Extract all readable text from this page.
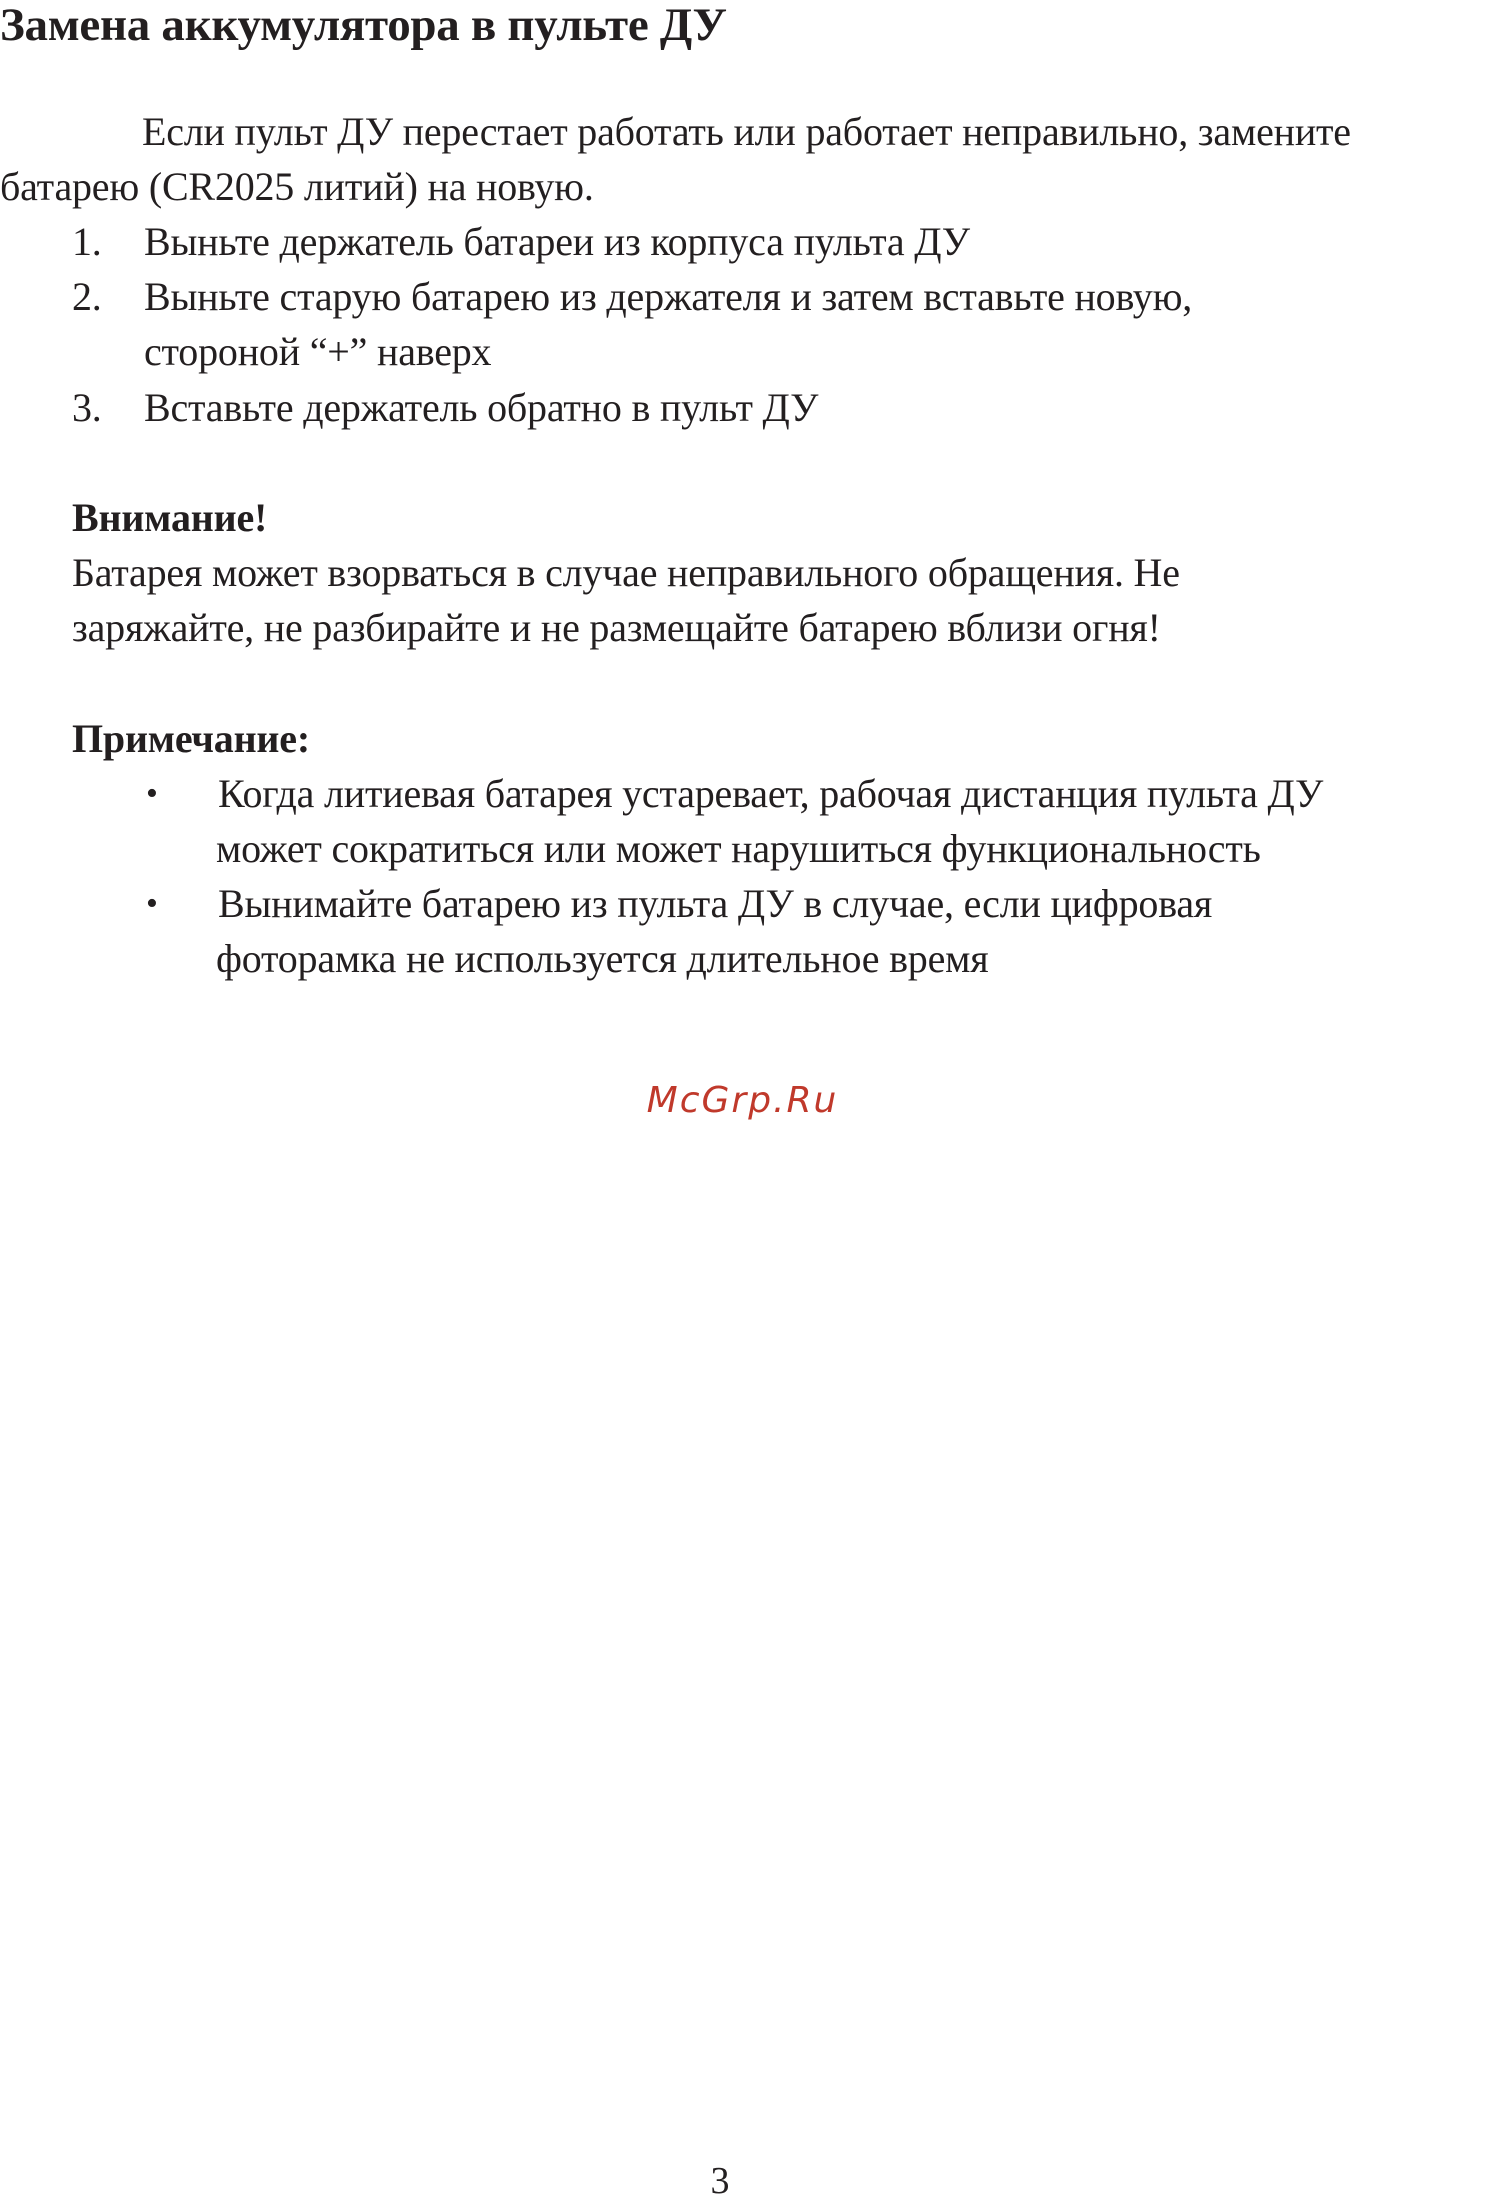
Замена аккумулятора в пульте ДУ
Если пульт ДУ перестает работать или работает неправильно, замените
батарею (CR2025 литий) на новую.
1. Выньте держатель батареи из корпуса пульта ДУ
2. Выньте старую батарею из держателя и затем вставьте новую,
стороной “+” наверх
3. Вставьте держатель обратно в пульт ДУ
Внимание!
Батарея может взорваться в случае неправильного обращения. Не
заряжайте, не разбирайте и не размещайте батарею вблизи огня!
Примечание:
• Когда литиевая батарея устаревает, рабочая дистанция пульта ДУ
может сократиться или может нарушиться функциональность
• Вынимайте батарею из пульта ДУ в случае, если цифровая
фоторамка не используется длительное время
McGrp.Ru
3
